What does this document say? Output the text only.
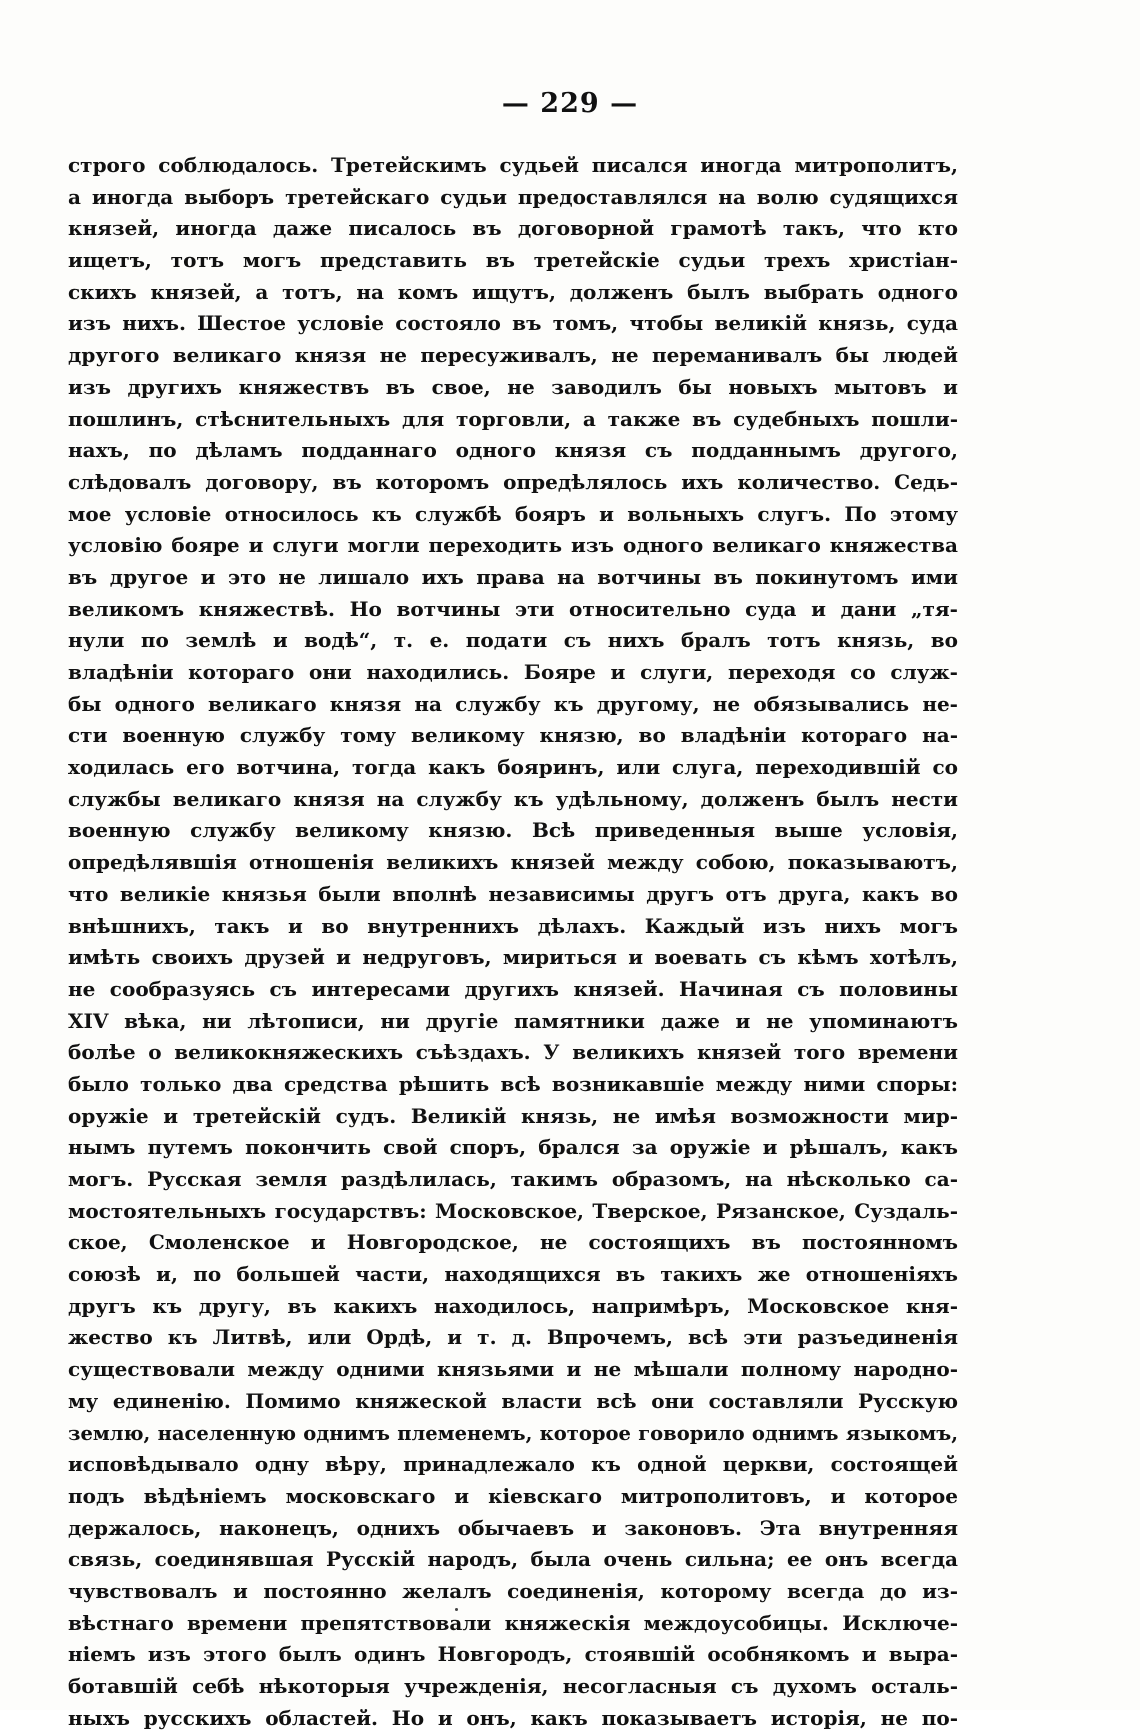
— 229 —
строго соблюдалось. Третейскимъ судьей писался иногда митрополитъ,
а иногда выборъ третейскаго судьи предоставлялся на волю судящихся
князей, иногда даже писалось въ договорной грамотѣ такъ, что кто
ищетъ, тотъ могъ представить въ третейскіе судьи трехъ христіан-
скихъ князей, а тотъ, на комъ ищутъ, долженъ былъ выбрать одного
изъ нихъ. Шестое условіе состояло въ томъ, чтобы великій князь, суда
другого великаго князя не пересуживалъ, не переманивалъ бы людей
изъ другихъ княжествъ въ свое, не заводилъ бы новыхъ мытовъ и
пошлинъ, стѣснительныхъ для торговли, а также въ судебныхъ пошли-
нахъ, по дѣламъ подданнаго одного князя съ подданнымъ другого,
слѣдовалъ договору, въ которомъ опредѣлялось ихъ количество. Седь-
мое условіе относилось къ службѣ бояръ и вольныхъ слугъ. По этому
условію бояре и слуги могли переходить изъ одного великаго княжества
въ другое и это не лишало ихъ права на вотчины въ покинутомъ ими
великомъ княжествѣ. Но вотчины эти относительно суда и дани „тя-
нули по землѣ и водѣ“, т. е. подати съ нихъ бралъ тотъ князь, во
владѣніи котораго они находились. Бояре и слуги, переходя со служ-
бы одного великаго князя на службу къ другому, не обязывались не-
сти военную службу тому великому князю, во владѣніи котораго на-
ходилась его вотчина, тогда какъ бояринъ, или слуга, переходившій со
службы великаго князя на службу къ удѣльному, долженъ былъ нести
военную службу великому князю. Всѣ приведенныя выше условія,
опредѣлявшія отношенія великихъ князей между собою, показываютъ,
что великіе князья были вполнѣ независимы другъ отъ друга, какъ во
внѣшнихъ, такъ и во внутреннихъ дѣлахъ. Каждый изъ нихъ могъ
имѣть своихъ друзей и недруговъ, мириться и воевать съ кѣмъ хотѣлъ,
не сообразуясь съ интересами другихъ князей. Начиная съ половины
XIV вѣка, ни лѣтописи, ни другіе памятники даже и не упоминаютъ
болѣе о великокняжескихъ съѣздахъ. У великихъ князей того времени
было только два средства рѣшить всѣ возникавшіе между ними споры:
оружіе и третейскій судъ. Великій князь, не имѣя возможности мир-
нымъ путемъ покончить свой споръ, брался за оружіе и рѣшалъ, какъ
могъ. Русская земля раздѣлилась, такимъ образомъ, на нѣсколько са-
мостоятельныхъ государствъ: Московское, Тверское, Рязанское, Суздаль-
ское, Смоленское и Новгородское, не состоящихъ въ постоянномъ
союзѣ и, по большей части, находящихся въ такихъ же отношеніяхъ
другъ къ другу, въ какихъ находилось, напримѣръ, Московское кня-
жество къ Литвѣ, или Ордѣ, и т. д. Впрочемъ, всѣ эти разъединенія
существовали между одними князьями и не мѣшали полному народно-
му единенію. Помимо княжеской власти всѣ они составляли Русскую
землю, населенную однимъ племенемъ, которое говорило однимъ языкомъ,
исповѣдывало одну вѣру, принадлежало къ одной церкви, состоящей
подъ вѣдѣніемъ московскаго и кіевскаго митрополитовъ, и которое
держалось, наконецъ, однихъ обычаевъ и законовъ. Эта внутренняя
связь, соединявшая Русскій народъ, была очень сильна; ее онъ всегда
чувствовалъ и постоянно желалъ соединенія, которому всегда до из-
вѣстнаго времени препятствовали княжескія междоусобицы. Исключе-
ніемъ изъ этого былъ одинъ Новгородъ, стоявшій особнякомъ и выра-
ботавшій себѣ нѣкоторыя учрежденія, несогласныя съ духомъ осталь-
ныхъ русскихъ областей. Но и онъ, какъ показываетъ исторія, не по-
